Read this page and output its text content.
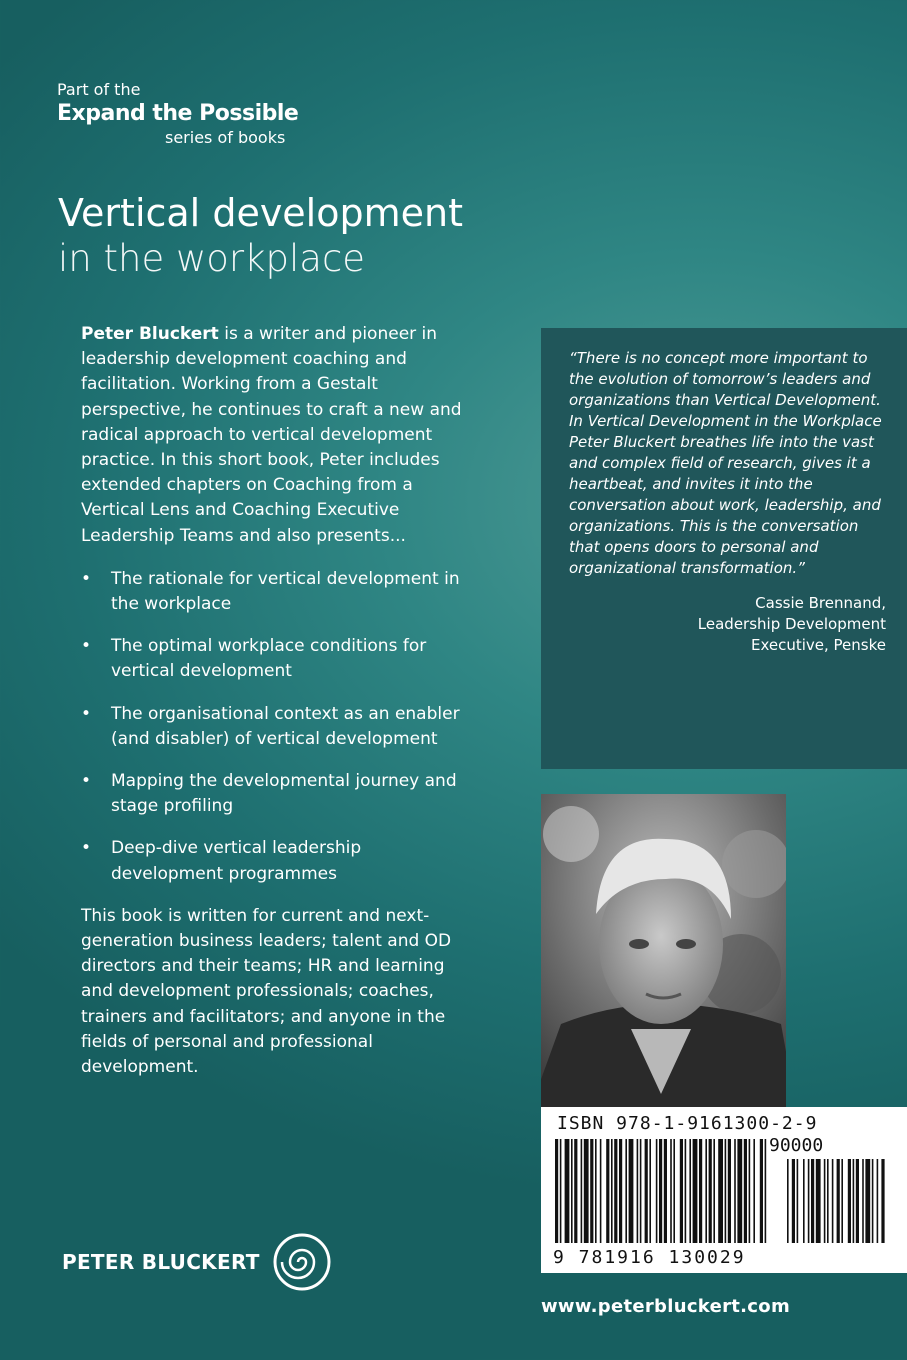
Part of the
Expand the Possible
series of books
Vertical development
in the workplace

Peter Bluckert is a writer and pioneer in leadership development coaching and facilitation. Working from a Gestalt perspective, he continues to craft a new and radical approach to vertical development practice. In this short book, Peter includes extended chapters on Coaching from a Vertical Lens and Coaching Executive Leadership Teams and also presents...

• The rationale for vertical development in the workplace
• The optimal workplace conditions for vertical development
• The organisational context as an enabler (and disabler) of vertical development
• Mapping the developmental journey and stage profiling
• Deep-dive vertical leadership development programmes

This book is written for current and next-generation business leaders; talent and OD directors and their teams; HR and learning and development professionals; coaches, trainers and facilitators; and anyone in the fields of personal and professional development.

“There is no concept more important to the evolution of tomorrow’s leaders and organizations than Vertical Development. In Vertical Development in the Workplace Peter Bluckert breathes life into the vast and complex field of research, gives it a heartbeat, and invites it into the conversation about work, leadership, and organizations. This is the conversation that opens doors to personal and organizational transformation.”
Cassie Brennand,
Leadership Development
Executive, Penske
ISBN 978-1-9161300-2-9
90000
9 781916 130029
PETER BLUCKERT
www.peterbluckert.com
